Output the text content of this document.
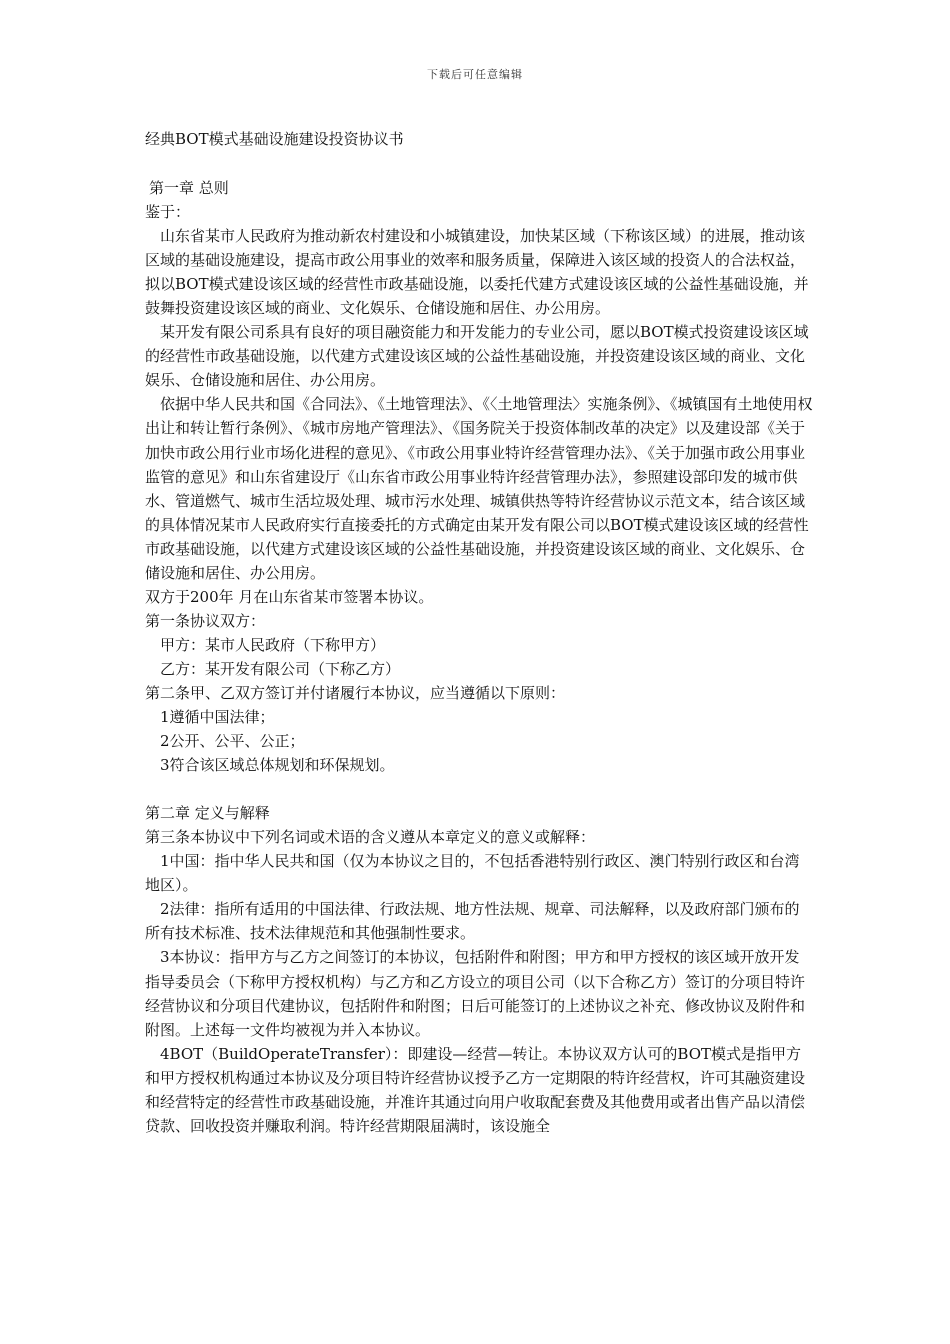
下载后可任意编辑
经典BOT模式基础设施建设投资协议书

第一章 总则

鉴于：

山东省某市人民政府为推动新农村建设和小城镇建设，加快某区域（下称该区域）的进展，推动该区域的基础设施建设，提高市政公用事业的效率和服务质量，保障进入该区域的投资人的合法权益，拟以BOT模式建设该区域的经营性市政基础设施，以委托代建方式建设该区域的公益性基础设施，并鼓舞投资建设该区域的商业、文化娱乐、仓储设施和居住、办公用房。

某开发有限公司系具有良好的项目融资能力和开发能力的专业公司，愿以BOT模式投资建设该区域的经营性市政基础设施，以代建方式建设该区域的公益性基础设施，并投资建设该区域的商业、文化娱乐、仓储设施和居住、办公用房。

依据中华人民共和国《合同法》、《土地管理法》、《〈土地管理法〉实施条例》、《城镇国有土地使用权出让和转让暂行条例》、《城市房地产管理法》、《国务院关于投资体制改革的决定》以及建设部《关于加快市政公用行业市场化进程的意见》、《市政公用事业特许经营管理办法》、《关于加强市政公用事业监管的意见》和山东省建设厅《山东省市政公用事业特许经营管理办法》，参照建设部印发的城市供水、管道燃气、城市生活垃圾处理、城市污水处理、城镇供热等特许经营协议示范文本，结合该区域的具体情况某市人民政府实行直接委托的方式确定由某开发有限公司以BOT模式建设该区域的经营性市政基础设施，以代建方式建设该区域的公益性基础设施，并投资建设该区域的商业、文化娱乐、仓储设施和居住、办公用房。

双方于200年 月在山东省某市签署本协议。

第一条协议双方：

甲方：某市人民政府（下称甲方）

乙方：某开发有限公司（下称乙方）

第二条甲、乙双方签订并付诸履行本协议，应当遵循以下原则：

1遵循中国法律；

2公开、公平、公正；

3符合该区域总体规划和环保规划。

第二章 定义与解释

第三条本协议中下列名词或术语的含义遵从本章定义的意义或解释：

1中国：指中华人民共和国（仅为本协议之目的，不包括香港特别行政区、澳门特别行政区和台湾地区）。

2法律：指所有适用的中国法律、行政法规、地方性法规、规章、司法解释，以及政府部门颁布的所有技术标准、技术法律规范和其他强制性要求。

3本协议：指甲方与乙方之间签订的本协议，包括附件和附图；甲方和甲方授权的该区域开放开发指导委员会（下称甲方授权机构）与乙方和乙方设立的项目公司（以下合称乙方）签订的分项目特许经营协议和分项目代建协议，包括附件和附图；日后可能签订的上述协议之补充、修改协议及附件和附图。上述每一文件均被视为并入本协议。

4BOT（BuildOperateTransfer）：即建设—经营—转让。本协议双方认可的BOT模式是指甲方和甲方授权机构通过本协议及分项目特许经营协议授予乙方一定期限的特许经营权，许可其融资建设和经营特定的经营性市政基础设施，并准许其通过向用户收取配套费及其他费用或者出售产品以清偿贷款、回收投资并赚取利润。特许经营期限届满时，该设施全
